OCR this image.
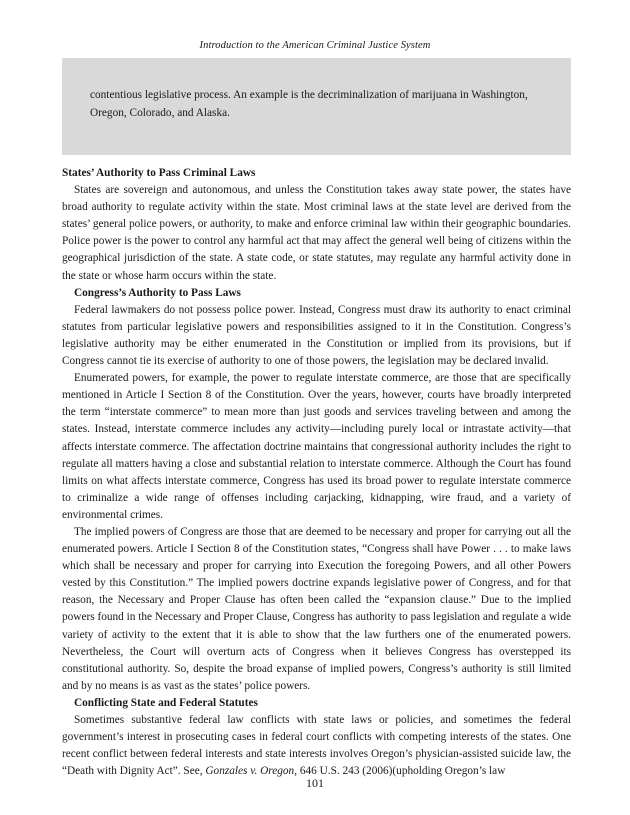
Introduction to the American Criminal Justice System
contentious legislative process. An example is the decriminalization of marijuana in Washington, Oregon, Colorado, and Alaska.
States’ Authority to Pass Criminal Laws

States are sovereign and autonomous, and unless the Constitution takes away state power, the states have broad authority to regulate activity within the state. Most criminal laws at the state level are derived from the states’ general police powers, or authority, to make and enforce criminal law within their geographic boundaries. Police power is the power to control any harmful act that may affect the general well being of citizens within the geographical jurisdiction of the state. A state code, or state statutes, may regulate any harmful activity done in the state or whose harm occurs within the state.

Congress’s Authority to Pass Laws

Federal lawmakers do not possess police power. Instead, Congress must draw its authority to enact criminal statutes from particular legislative powers and responsibilities assigned to it in the Constitution. Congress’s legislative authority may be either enumerated in the Constitution or implied from its provisions, but if Congress cannot tie its exercise of authority to one of those powers, the legislation may be declared invalid.

Enumerated powers, for example, the power to regulate interstate commerce, are those that are specifically mentioned in Article I Section 8 of the Constitution. Over the years, however, courts have broadly interpreted the term “interstate commerce” to mean more than just goods and services traveling between and among the states. Instead, interstate commerce includes any activity—including purely local or intrastate activity—that affects interstate commerce. The affectation doctrine maintains that congressional authority includes the right to regulate all matters having a close and substantial relation to interstate commerce. Although the Court has found limits on what affects interstate commerce, Congress has used its broad power to regulate interstate commerce to criminalize a wide range of offenses including carjacking, kidnapping, wire fraud, and a variety of environmental crimes.

The implied powers of Congress are those that are deemed to be necessary and proper for carrying out all the enumerated powers. Article I Section 8 of the Constitution states, “Congress shall have Power . . . to make laws which shall be necessary and proper for carrying into Execution the foregoing Powers, and all other Powers vested by this Constitution.” The implied powers doctrine expands legislative power of Congress, and for that reason, the Necessary and Proper Clause has often been called the “expansion clause.” Due to the implied powers found in the Necessary and Proper Clause, Congress has authority to pass legislation and regulate a wide variety of activity to the extent that it is able to show that the law furthers one of the enumerated powers. Nevertheless, the Court will overturn acts of Congress when it believes Congress has overstepped its constitutional authority. So, despite the broad expanse of implied powers, Congress’s authority is still limited and by no means is as vast as the states’ police powers.

Conflicting State and Federal Statutes

Sometimes substantive federal law conflicts with state laws or policies, and sometimes the federal government’s interest in prosecuting cases in federal court conflicts with competing interests of the states. One recent conflict between federal interests and state interests involves Oregon’s physician-assisted suicide law, the “Death with Dignity Act”. See, Gonzales v. Oregon, 646 U.S. 243 (2006)(upholding Oregon’s law

101
